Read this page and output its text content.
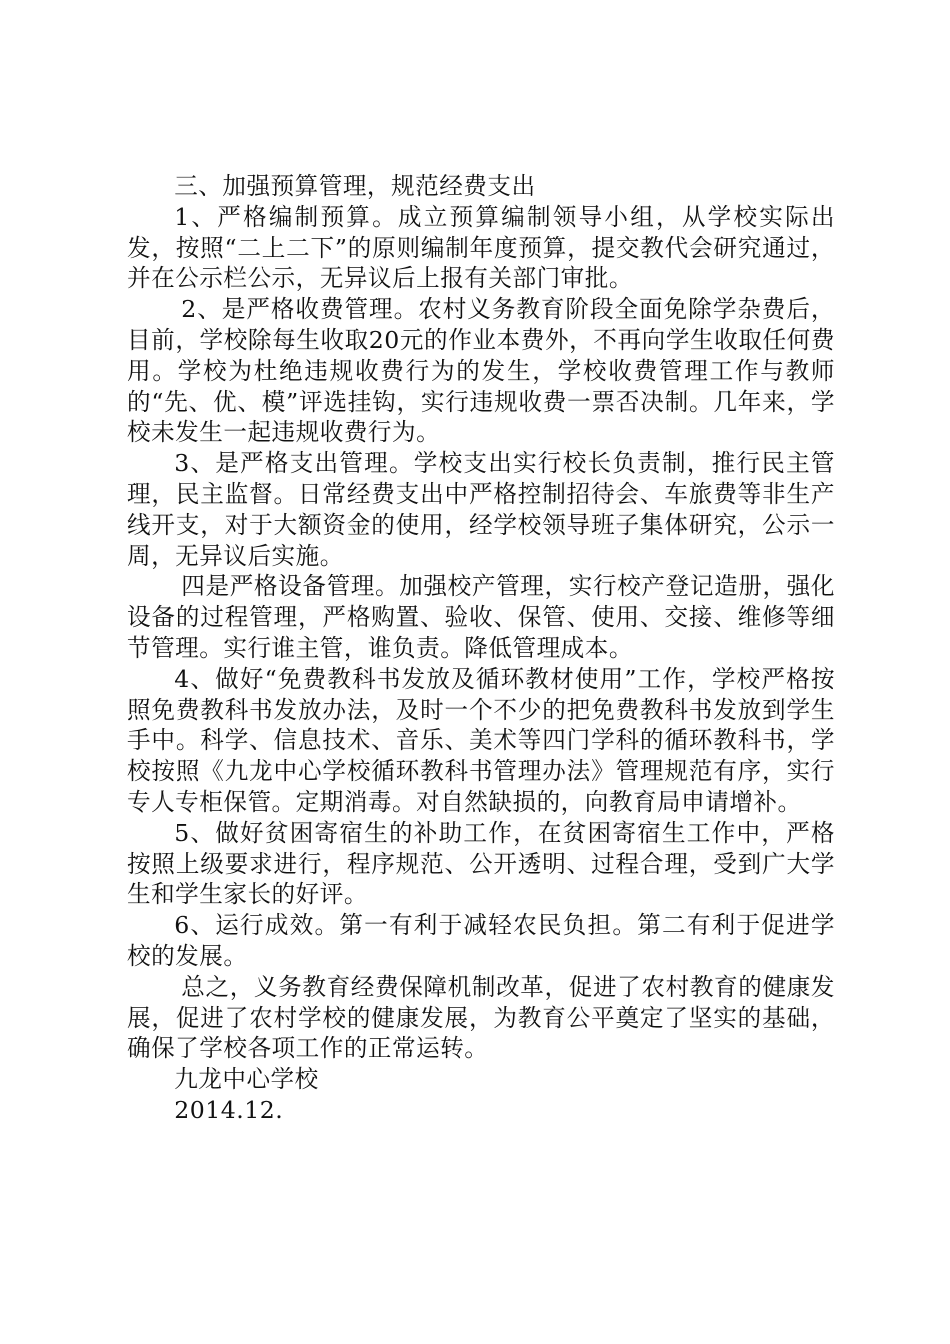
三、加强预算管理，规范经费支出

1、严格编制预算。成立预算编制领导小组，从学校实际出发，按照“二上二下”的原则编制年度预算，提交教代会研究通过，并在公示栏公示，无异议后上报有关部门审批。

2、是严格收费管理。农村义务教育阶段全面免除学杂费后，目前，学校除每生收取20元的作业本费外，不再向学生收取任何费用。学校为杜绝违规收费行为的发生，学校收费管理工作与教师的“先、优、模”评选挂钩，实行违规收费一票否决制。几年来，学校未发生一起违规收费行为。

3、是严格支出管理。学校支出实行校长负责制，推行民主管理，民主监督。日常经费支出中严格控制招待会、车旅费等非生产线开支，对于大额资金的使用，经学校领导班子集体研究，公示一周，无异议后实施。

四是严格设备管理。加强校产管理，实行校产登记造册，强化设备的过程管理，严格购置、验收、保管、使用、交接、维修等细节管理。实行谁主管，谁负责。降低管理成本。

4、做好“免费教科书发放及循环教材使用”工作，学校严格按照免费教科书发放办法，及时一个不少的把免费教科书发放到学生手中。科学、信息技术、音乐、美术等四门学科的循环教科书，学校按照《九龙中心学校循环教科书管理办法》管理规范有序，实行专人专柜保管。定期消毒。对自然缺损的，向教育局申请增补。

5、做好贫困寄宿生的补助工作，在贫困寄宿生工作中，严格按照上级要求进行，程序规范、公开透明、过程合理，受到广大学生和学生家长的好评。

6、运行成效。第一有利于减轻农民负担。第二有利于促进学校的发展。

总之，义务教育经费保障机制改革，促进了农村教育的健康发展，促进了农村学校的健康发展，为教育公平奠定了坚实的基础，确保了学校各项工作的正常运转。

九龙中心学校

2014.12.
